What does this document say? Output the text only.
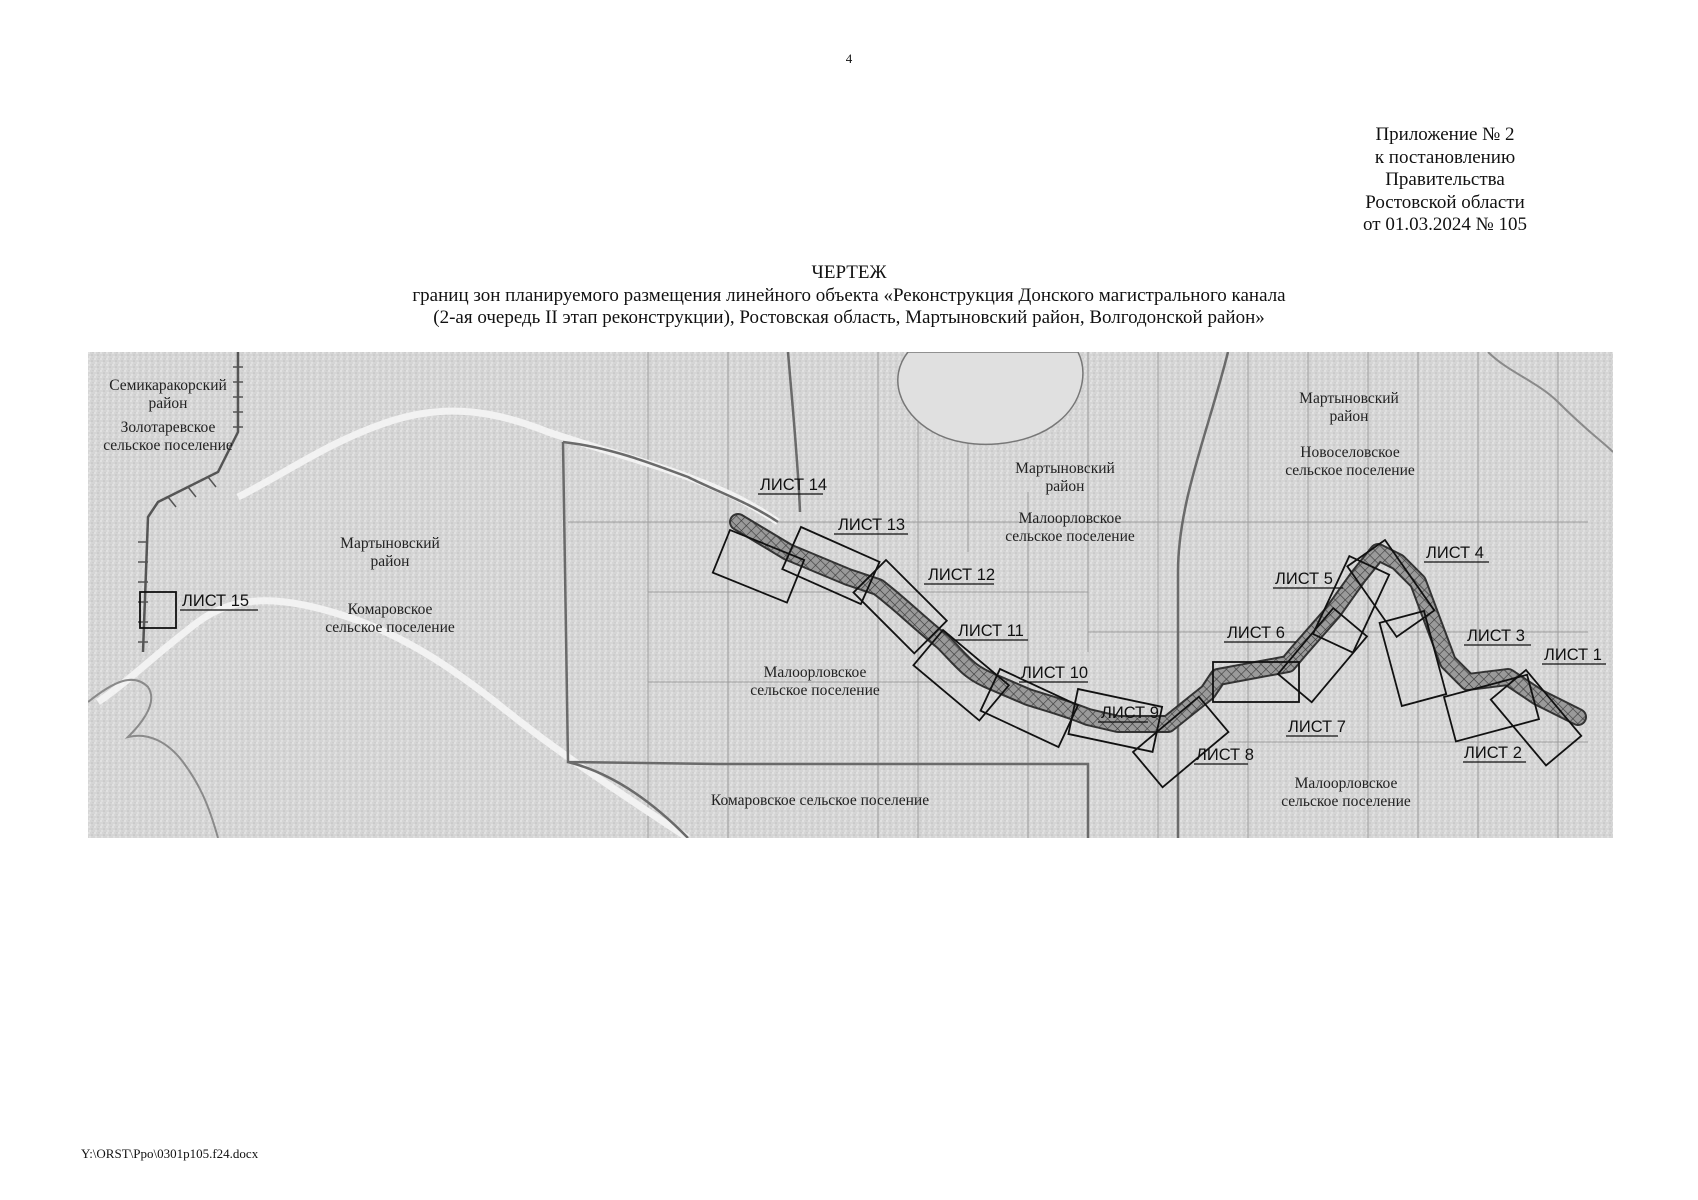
4
Приложение № 2
к постановлению
Правительства
Ростовской области
от 01.03.2024 № 105
ЧЕРТЕЖ
границ зон планируемого размещения линейного объекта «Реконструкция Донского магистрального канала
(2-ая очередь II этап реконструкции), Ростовская область, Мартыновский район, Волгодонской район»
Семикаракорский
район
Золотаревское
сельское поселение
Мартыновский
район
Комаровское
сельское поселение
Малоорловское
сельское поселение
Комаровское сельское поселение
Мартыновский
район
Малоорловское
сельское поселение
Мартыновский
район
Новоселовское
сельское поселение
Малоорловское
сельское поселение
ЛИСТ 14
ЛИСТ 13
ЛИСТ 12
ЛИСТ 11
ЛИСТ 10
ЛИСТ 9
ЛИСТ 8
ЛИСТ 7
ЛИСТ 6
ЛИСТ 5
ЛИСТ 4
ЛИСТ 3
ЛИСТ 2
ЛИСТ 1
ЛИСТ 15
Y:\ORST\Ppo\0301p105.f24.docx
